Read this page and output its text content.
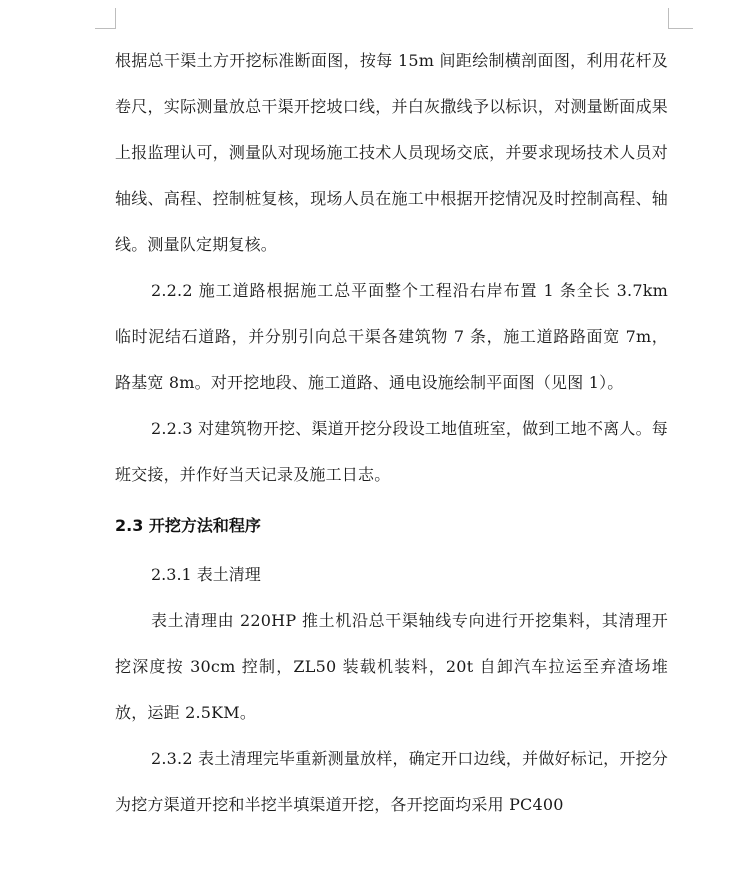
根据总干渠土方开挖标准断面图，按每 15m 间距绘制横剖面图，利用花杆及卷尺，实际测量放总干渠开挖坡口线，并白灰撒线予以标识，对测量断面成果上报监理认可，测量队对现场施工技术人员现场交底，并要求现场技术人员对轴线、高程、控制桩复核，现场人员在施工中根据开挖情况及时控制高程、轴线。测量队定期复核。

2.2.2 施工道路根据施工总平面整个工程沿右岸布置 1 条全长 3.7km 临时泥结石道路，并分别引向总干渠各建筑物 7 条，施工道路路面宽 7m，路基宽 8m。对开挖地段、施工道路、通电设施绘制平面图（见图 1）。

2.2.3 对建筑物开挖、渠道开挖分段设工地值班室，做到工地不离人。每班交接，并作好当天记录及施工日志。

2.3 开挖方法和程序

2.3.1 表土清理

表土清理由 220HP 推土机沿总干渠轴线专向进行开挖集料，其清理开挖深度按 30cm 控制，ZL50 装载机装料，20t 自卸汽车拉运至弃渣场堆放，运距 2.5KM。

2.3.2 表土清理完毕重新测量放样，确定开口边线，并做好标记，开挖分为挖方渠道开挖和半挖半填渠道开挖，各开挖面均采用 PC400
